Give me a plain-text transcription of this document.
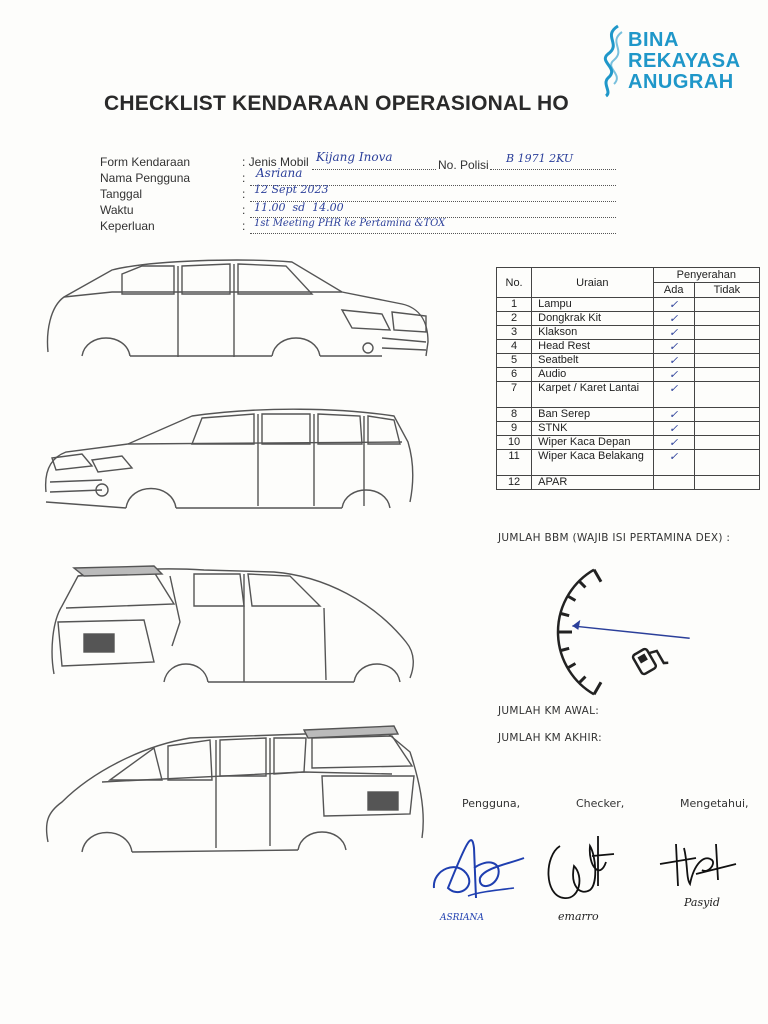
BINA
REKAYASA
ANUGRAH
CHECKLIST KENDARAAN OPERASIONAL HO
Form Kendaraan	: Jenis Mobil Kijang Inova
No. Polisi B 1971 2KU
Nama Pengguna	: Asriana
Tanggal	: 12 Sept 2023
Waktu	: 11.00  sd  14.00
Keperluan	: 1st Meeting PHR ke Pertamina &TOX
No.	Uraian	Penyerahan	
		Ada	Tidak
1	Lampu	✓	
2	Dongkrak Kit	✓	
3	Klakson	✓	
4	Head Rest	✓	
5	Seatbelt	✓	
6	Audio	✓	
7	Karpet / Karet Lantai	✓	
8	Ban Serep	✓	
9	STNK	✓	
10	Wiper Kaca Depan	✓	
11	Wiper Kaca Belakang	✓	
12	APAR		
JUMLAH BBM (WAJIB ISI PERTAMINA DEX) :
JUMLAH KM AWAL:
JUMLAH KM AKHIR:
Pengguna,	Checker,	Mengetahui,
ASRIANA	emarro
Pasyid
